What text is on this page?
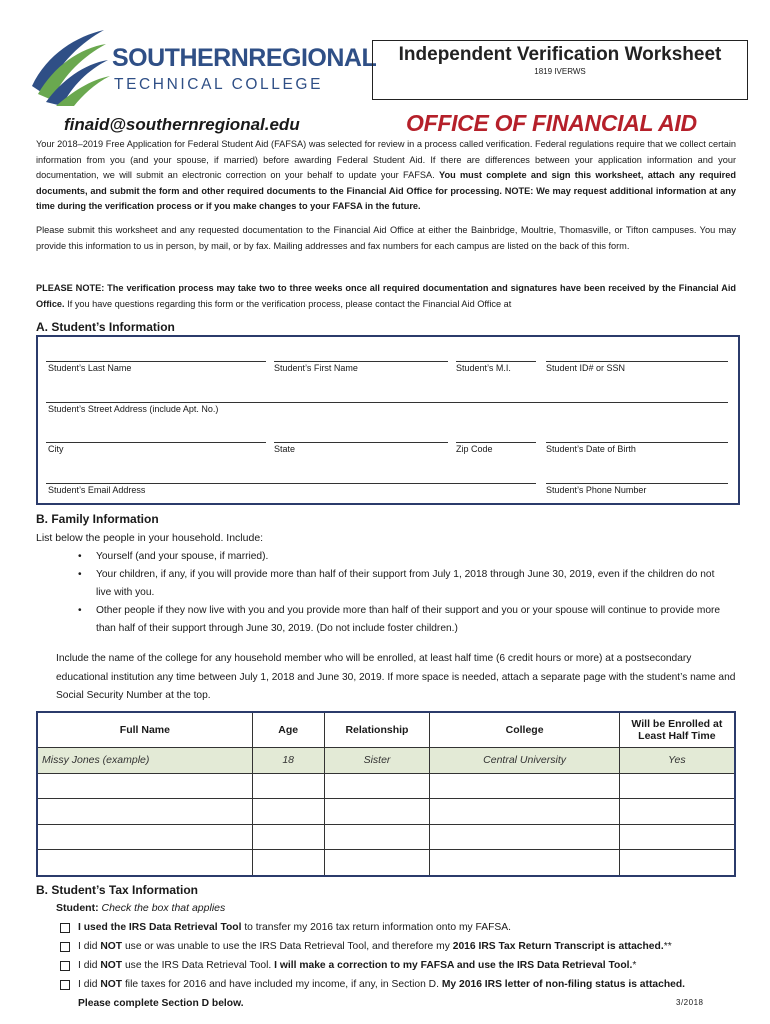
SOUTHERNREGIONAL
TECHNICAL COLLEGE
Independent Verification Worksheet
1819 IVERWS
finaid@southernregional.edu	OFFICE OF FINANCIAL AID
Your 2018–2019 Free Application for Federal Student Aid (FAFSA) was selected for review in a process called verification. Federal regulations require that we collect certain information from you (and your spouse, if married) before awarding Federal Student Aid. If there are differences between your application information and your documentation, we will submit an electronic correction on your behalf to update your FAFSA. You must complete and sign this worksheet, attach any required documents, and submit the form and other required documents to the Financial Aid Office for processing. NOTE: We may request additional information at any time during the verification process or if you make changes to your FAFSA in the future.
Please submit this worksheet and any requested documentation to the Financial Aid Office at either the Bainbridge, Moultrie, Thomasville, or Tifton campuses. You may provide this information to us in person, by mail, or by fax. Mailing addresses and fax numbers for each campus are listed on the back of this form.
PLEASE NOTE: The verification process may take two to three weeks once all required documentation and signatures have been received by the Financial Aid Office. If you have questions regarding this form or the verification process, please contact the Financial Aid Office at
A. Student’s Information
Student’s Last Name	Student’s First Name	Student’s M.I.	Student ID# or SSN
Student’s Street Address (include Apt. No.)
City	State	Zip Code	Student’s Date of Birth
Student’s Email Address	Student’s Phone Number
B. Family Information
List below the people in your household. Include:
• Yourself (and your spouse, if married).
• Your children, if any, if you will provide more than half of their support from July 1, 2018 through June 30, 2019, even if the children do not live with you.
• Other people if they now live with you and you provide more than half of their support and you or your spouse will continue to provide more than half of their support through June 30, 2019. (Do not include foster children.)
Include the name of the college for any household member who will be enrolled, at least half time (6 credit hours or more) at a postsecondary educational institution any time between July 1, 2018 and June 30, 2019. If more space is needed, attach a separate page with the student’s name and Social Security Number at the top.
Full Name	Age	Relationship	College	Will be Enrolled at Least Half Time
Missy Jones (example)	18	Sister	Central University	Yes

B. Student’s Tax Information
Student: Check the box that applies
I used the IRS Data Retrieval Tool to transfer my 2016 tax return information onto my FAFSA.
I did NOT use or was unable to use the IRS Data Retrieval Tool, and therefore my 2016 IRS Tax Return Transcript is attached.**
I did NOT use the IRS Data Retrieval Tool. I will make a correction to my FAFSA and use the IRS Data Retrieval Tool.*
I did NOT file taxes for 2016 and have included my income, if any, in Section D. My 2016 IRS letter of non-filing status is attached.
Please complete Section D below.	3/2018
